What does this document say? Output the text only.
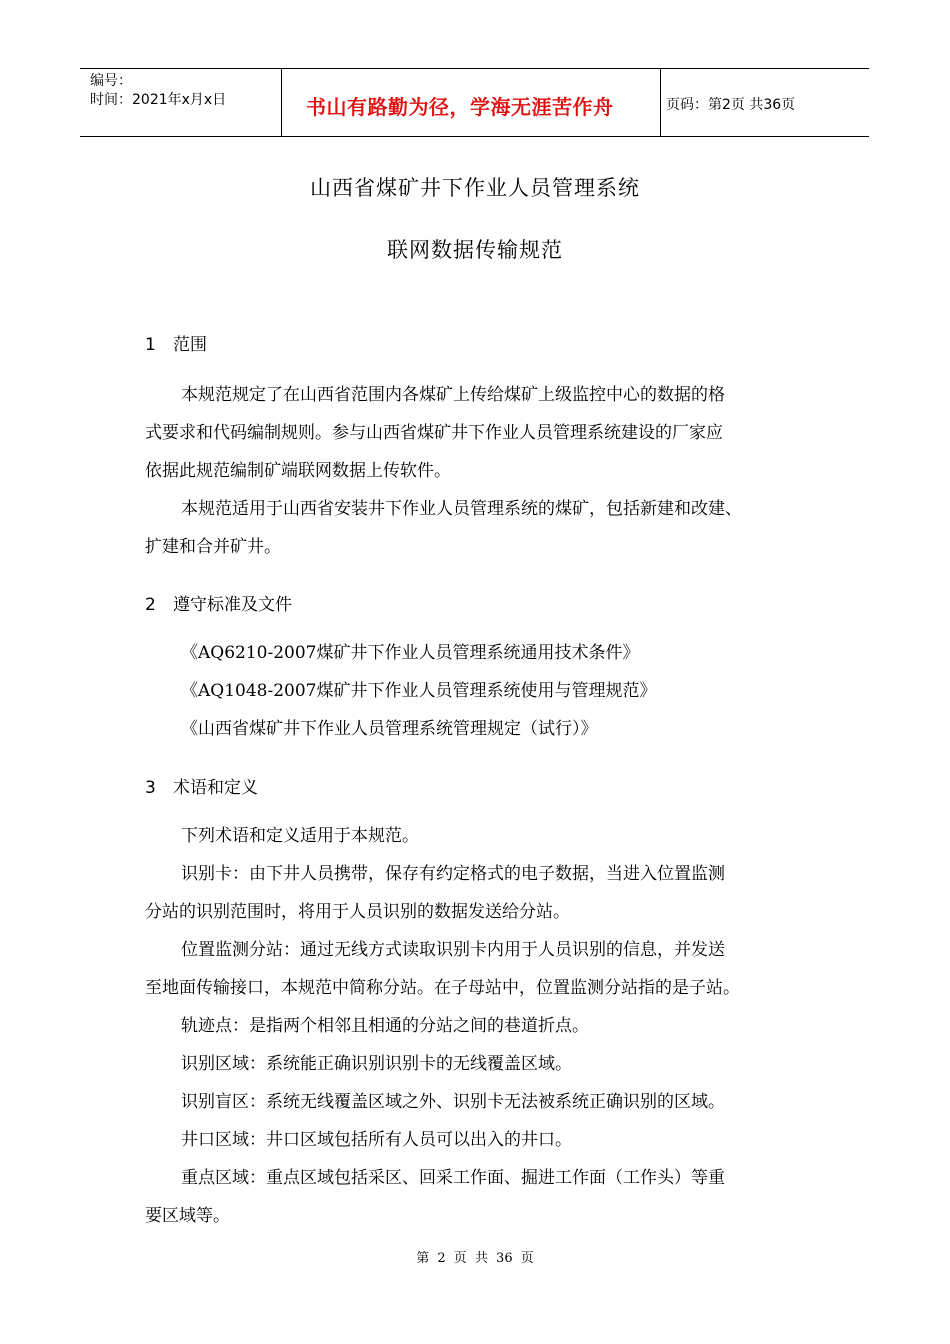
编号：
时间：2021年x月x日	书山有路勤为径，学海无涯苦作舟	页码：第2页 共36页
山西省煤矿井下作业人员管理系统
联网数据传输规范
1 范围

本规范规定了在山西省范围内各煤矿上传给煤矿上级监控中心的数据的格

式要求和代码编制规则。参与山西省煤矿井下作业人员管理系统建设的厂家应

依据此规范编制矿端联网数据上传软件。

本规范适用于山西省安装井下作业人员管理系统的煤矿，包括新建和改建、

扩建和合并矿井。

2 遵守标准及文件

《AQ6210-2007煤矿井下作业人员管理系统通用技术条件》

《AQ1048-2007煤矿井下作业人员管理系统使用与管理规范》

《山西省煤矿井下作业人员管理系统管理规定（试行）》

3 术语和定义

下列术语和定义适用于本规范。

识别卡：由下井人员携带，保存有约定格式的电子数据，当进入位置监测

分站的识别范围时，将用于人员识别的数据发送给分站。

位置监测分站：通过无线方式读取识别卡内用于人员识别的信息，并发送

至地面传输接口，本规范中简称分站。在子母站中，位置监测分站指的是子站。

轨迹点：是指两个相邻且相通的分站之间的巷道折点。

识别区域：系统能正确识别识别卡的无线覆盖区域。

识别盲区：系统无线覆盖区域之外、识别卡无法被系统正确识别的区域。

井口区域：井口区域包括所有人员可以出入的井口。

重点区域：重点区域包括采区、回采工作面、掘进工作面（工作头）等重

要区域等。

第 2 页 共 36 页
